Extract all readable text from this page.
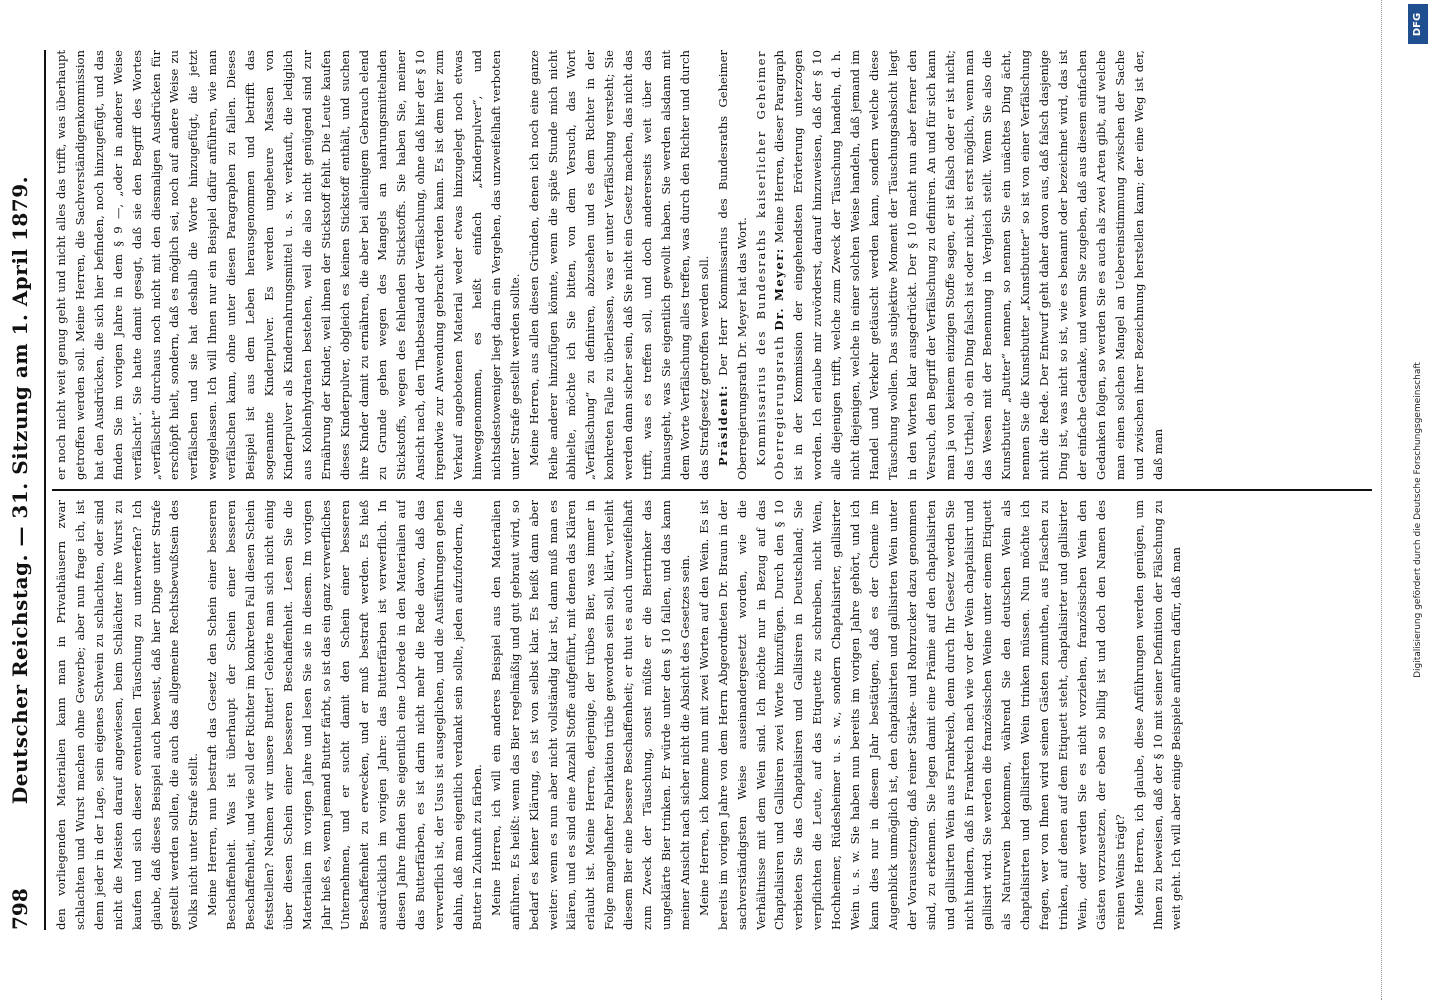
798
Deutscher Reichstag. — 31. Sitzung am 1. April 1879. den vorliegenden Materialien kann man in Privathäusern zwar schlachten und Wurst machen ohne Gewerbe; aber nun frage ich, ist denn jeder in der Lage, sein eigenes Schwein zu schlachten, oder sind nicht die Meisten darauf angewiesen, beim Schlächter ihre Wurst zu kaufen und sich dieser eventuellen Täuschung zu unterwerfen? Ich glaube, daß dieses Beispiel auch beweist, daß hier Dinge unter Strafe gestellt werden sollen, die auch das allgemeine Rechtsbewußtsein des Volks nicht unter Strafe stellt. Meine Herren, nun bestraft das Gesetz den Schein einer besseren Beschaffenheit. Was ist überhaupt der Schein einer besseren Beschaffenheit, und wie soll der Richter im konkreten Fall diesen Schein feststellen? Nehmen wir unsere Butter! Gehörte man sich nicht einig über diesen Schein einer besseren Beschaffenheit. Lesen Sie die Materialien im vorigen Jahre und lesen Sie sie in diesem. Im vorigen Jahr hieß es, wenn jemand Butter färbt, so ist das ein ganz verwerfliches Unternehmen, und er sucht damit den Schein einer besseren Beschaffenheit zu erwecken, und er muß bestraft werden. Es hieß ausdrücklich im vorigen Jahre: das Butterfärben ist verwerflich. In diesen Jahre finden Sie eigentlich eine Lobrede in den Materialien auf das Butterfärben, es ist darin nicht mehr die Rede davon, daß das verwerflich ist, der Usus ist ausgeglichen, und die Ausführungen gehen dahin, daß man eigentlich verdankt sein sollte, jeden aufzufordern, die Butter in Zukunft zu färben. Meine Herren, ich will ein anderes Beispiel aus den Materialien anführen. Es heißt: wenn das Bier regelmäßig und gut gebraut wird, so bedarf es keiner Klärung, es ist von selbst klar. Es heißt dann aber weiter: wenn es nun aber nicht vollständig klar ist, dann muß man es klären, und es sind eine Anzahl Stoffe aufgeführt, mit denen das Klären erlaubt ist. Meine Herren, derjenige, der trübes Bier, was immer in Folge mangelhafter Fabrikation trübe geworden sein soll, klärt, verleiht diesem Bier eine bessere Beschaffenheit; er thut es auch unzweifelhaft zum Zweck der Täuschung, sonst müßte er die Biertrinker das ungeklärte Bier trinken. Er würde unter den § 10 fallen, und das kann meiner Ansicht nach sicher nicht die Absicht des Gesetzes sein. Meine Herren, ich komme nun mit zwei Worten auf den Wein. Es ist bereits im vorigen Jahre von dem Herrn Abgeordneten Dr. Braun in der sachverständigsten Weise auseinandergesetzt worden, wie die Verhältnisse mit dem Wein sind. Ich möchte nur in Bezug auf das Chaptalisiren und Gallisiren zwei Worte hinzufügen. Durch den § 10 verbieten Sie das Chaptalisiren und Gallisiren in Deutschland; Sie verpflichten die Leute, auf das Etiquette zu schreiben, nicht Wein, Hochheimer, Rüdesheimer u. s. w., sondern Chaptalisirter, gallisirter Wein u. s. w. Sie haben nun bereits im vorigen Jahre gehört, und ich kann dies nur in diesem Jahr bestätigen, daß es der Chemie im Augenblick unmöglich ist, den chaptalisirten und gallisirten Wein unter der Voraussetzung, daß reiner Stärke- und Rohrzucker dazu genommen sind, zu erkennen. Sie legen damit eine Prämie auf den chaptalisirten und gallisirten Wein aus Frankreich, denn durch Ihr Gesetz werden Sie nicht hindern, daß in Frankreich nach wie vor der Wein chaptalisirt und gallisirt wird. Sie werden die französischen Weine unter einem Etiquett als Naturwein bekommen, während Sie den deutschen Wein als chaptalisirten und gallisirten Wein trinken müssen. Nun möchte ich fragen, wer von Ihnen wird seinen Gästen zumuthen, aus Flaschen zu trinken, auf denen auf dem Etiquett steht, chaptalisirter und gallisirter Wein, oder werden Sie es nicht vorziehen, französischen Wein den Gästen vorzusetzen, der eben so billig ist und doch den Namen des reinen Weins trägt? Meine Herren, ich glaube, diese Anführungen werden genügen, um Ihnen zu beweisen, daß der § 10 mit seiner Definition der Fälschung zu weit geht. Ich will aber einige Beispiele anführen dafür, daß man

er noch nicht weit genug geht und nicht alles das trifft, was überhaupt getroffen werden soll. Meine Herren, die Sachverständigenkommission hat den Ausdrücken, die sich hier befinden, noch hinzugefügt, und das finden Sie im vorigen Jahre in dem § 9 —, „oder in anderer Weise verfälscht“. Sie hatte damit gesagt, daß sie den Begriff des Wortes „verfälscht“ durchaus noch nicht mit den diesmaligen Ausdrücken für erschöpft hielt, sondern, daß es möglich sei, noch auf andere Weise zu verfälschen und sie hat deshalb die Worte hinzugefügt, die jetzt weggelassen. Ich will Ihnen nur ein Beispiel dafür anführen, wie man verfälschen kann, ohne unter diesen Paragraphen zu fallen. Dieses Beispiel ist aus dem Leben herausgenommen und betrifft das sogenannte Kinderpulver. Es werden ungeheure Massen von Kinderpulver als Kindernahrungsmittel u. s. w. verkauft, die lediglich aus Kohlenhydraten bestehen, weil die also nicht genügend sind zur Ernährung der Kinder, weil ihnen der Stickstoff fehlt. Die Leute kaufen dieses Kinderpulver, obgleich es keinen Stickstoff enthält, und suchen ihre Kinder damit zu ernähren, die aber bei alleinigem Gebrauch elend zu Grunde gehen wegen des Mangels an nahrungsmittelnden Stickstoffs, wegen des fehlenden Stickstoffs. Sie haben Sie, meiner Ansicht nach, den Thatbestand der Verfälschung, ohne daß hier der § 10 irgendwie zur Anwendung gebracht werden kann. Es ist dem hier zum Verkauf angebotenen Material weder etwas hinzugelegt noch etwas hinweggenommen, es heißt einfach „Kinderpulver“, und nichtsdestoweniger liegt darin ein Vergehen, das unzweifelhaft verboten unter Strafe gestellt werden sollte. Meine Herren, aus allen diesen Gründen, denen ich noch eine ganze Reihe anderer hinzufügen könnte, wenn die späte Stunde mich nicht abhielte, möchte ich Sie bitten, von dem Versuch, das Wort „Verfälschung“ zu definiren, abzusehen und es dem Richter in der konkreten Falle zu überlassen, was er unter Verfälschung versteht; Sie werden dann sicher sein, daß Sie nicht ein Gesetz machen, das nicht das trifft, was es treffen soll, und doch andererseits weit über das hinausgeht, was Sie eigentlich gewollt haben. Sie werden alsdann mit dem Worte Verfälschung alles treffen, was durch den Richter und durch das Strafgesetz getroffen werden soll. Präsident: Der Herr Kommissarius des Bundesraths Geheimer Oberregierungsrath Dr. Meyer hat das Wort. Kommissarius des Bundesraths kaiserlicher Geheimer Oberregierungsrath Dr. Meyer: Meine Herren, dieser Paragraph ist in der Kommission der eingehendsten Erörterung unterzogen worden. Ich erlaube mir zuvörderst, darauf hinzuweisen, daß der § 10 alle diejenigen trifft, welche zum Zweck der Täuschung handeln, d. h. nicht diejenigen, welche in einer solchen Weise handeln, daß jemand im Handel und Verkehr getäuscht werden kann, sondern welche diese Täuschung wollen. Das subjektive Moment der Täuschungsabsicht liegt in den Worten klar ausgedrückt. Der § 10 macht nun aber ferner den Versuch, den Begriff der Verfälschung zu definiren. An und für sich kann man ja von keinem einzigen Stoffe sagen, er ist falsch oder er ist nicht; das Urtheil, ob ein Ding falsch ist oder nicht, ist erst möglich, wenn man das Wesen mit der Benennung in Vergleich stellt. Wenn Sie also die Kunstbutter „Butter“ nennen, so nennen Sie ein unächtes Ding ächt, nennen Sie die Kunstbutter „Kunstbutter“ so ist von einer Verfälschung nicht die Rede. Der Entwurf geht daher davon aus, daß falsch dasjenige Ding ist, was nicht so ist, wie es benannt oder bezeichnet wird, das ist der einfache Gedanke, und wenn Sie zugeben, daß aus diesem einfachen Gedanken folgen, so werden Sie es auch als zwei Arten gibt, auf welche man einen solchen Mangel an Uebereinstimmung zwischen der Sache und zwischen ihrer Bezeichnung herstellen kann; der eine Weg ist der, daß man

DFG
Digitalisierung gefördert durch die Deutsche Forschungsgemeinschaft
